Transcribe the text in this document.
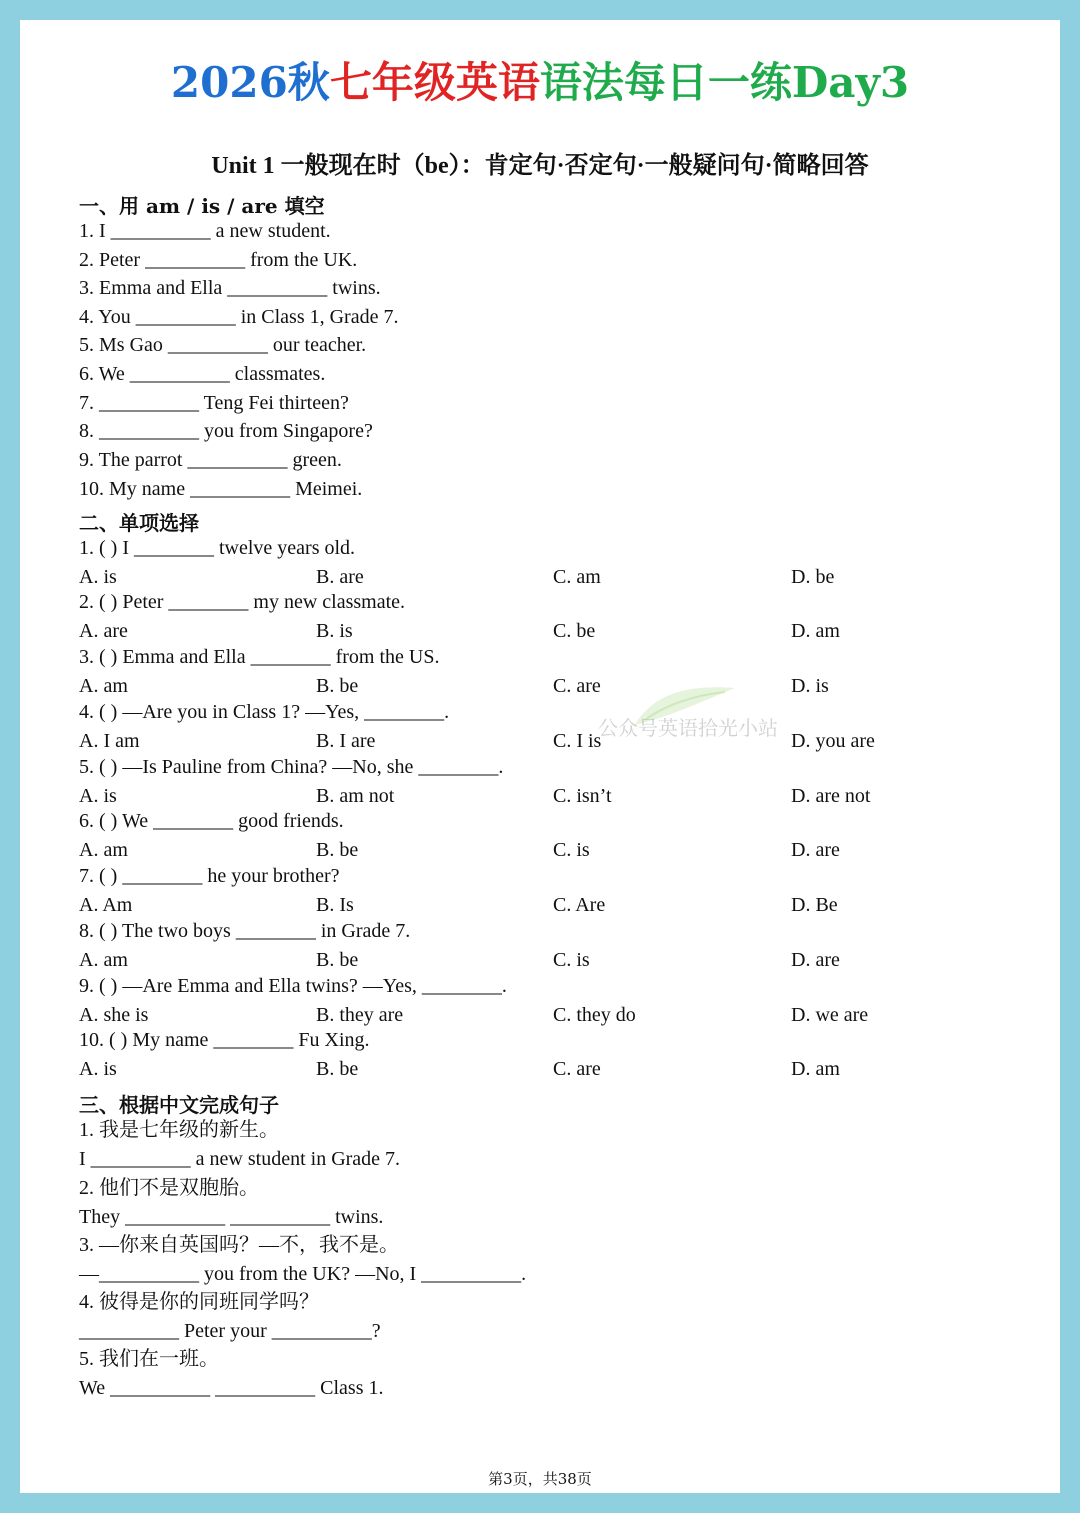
2026秋七年级英语语法每日一练Day3
Unit 1 一般现在时（be）：肯定句·否定句·一般疑问句·简略回答
公众号英语拾光小站
一、用 am / is / are 填空
1. I __________ a new student.
2. Peter __________ from the UK.
3. Emma and Ella __________ twins.
4. You __________ in Class 1, Grade 7.
5. Ms Gao __________ our teacher.
6. We __________ classmates.
7. __________ Teng Fei thirteen?
8. __________ you from Singapore?
9. The parrot __________ green.
10. My name __________ Meimei.
二、单项选择
1. ( ) I ________ twelve years old.
A. is	B. are	C. am	D. be
2. ( ) Peter ________ my new classmate.
A. are	B. is	C. be	D. am
3. ( ) Emma and Ella ________ from the US.
A. am	B. be	C. are	D. is
4. ( ) —Are you in Class 1? —Yes, ________.
A. I am	B. I are	C. I is	D. you are
5. ( ) —Is Pauline from China? —No, she ________.
A. is	B. am not	C. isn’t	D. are not
6. ( ) We ________ good friends.
A. am	B. be	C. is	D. are
7. ( ) ________ he your brother?
A. Am	B. Is	C. Are	D. Be
8. ( ) The two boys ________ in Grade 7.
A. am	B. be	C. is	D. are
9. ( ) —Are Emma and Ella twins? —Yes, ________.
A. she is	B. they are	C. they do	D. we are
10. ( ) My name ________ Fu Xing.
A. is	B. be	C. are	D. am
三、根据中文完成句子
1. 我是七年级的新生。
I __________ a new student in Grade 7.
2. 他们不是双胞胎。
They __________ __________ twins.
3. —你来自英国吗？—不，我不是。
—__________ you from the UK? —No, I __________.
4. 彼得是你的同班同学吗？
__________ Peter your __________?
5. 我们在一班。
We __________ __________ Class 1.
第3页，共38页
